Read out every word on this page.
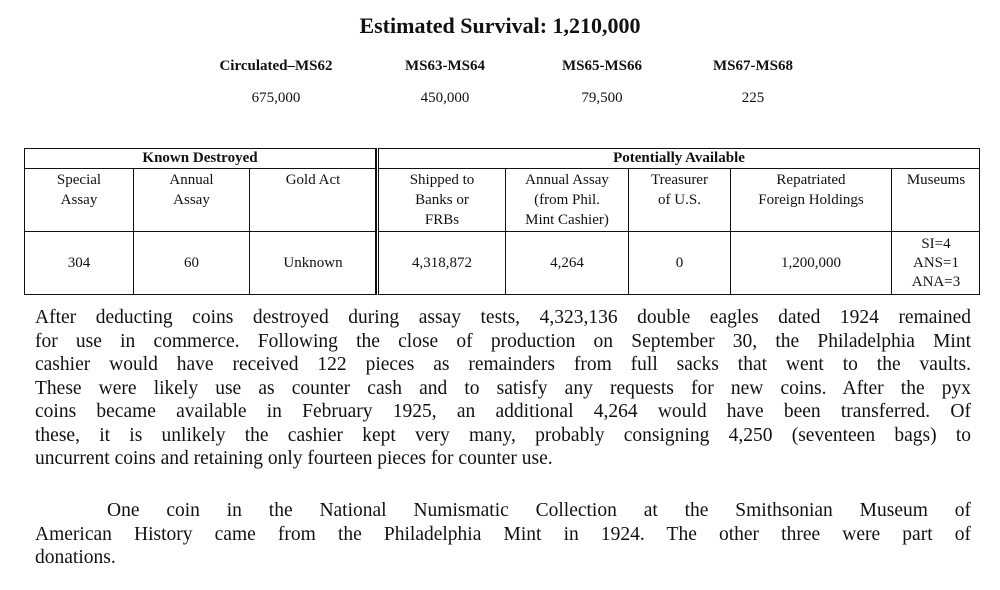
Estimated Survival: 1,210,000
Circulated–MS62
675,000
MS63-MS64
450,000
MS65-MS66
79,500
MS67-MS68
225
Known Destroyed
Special
Assay
304
Annual
Assay
60
Gold Act
Unknown
Potentially Available
Shipped to
Banks or
FRBs
4,318,872
Annual Assay
(from Phil.
Mint Cashier)
4,264
Treasurer
of U.S.
0
Repatriated
Foreign Holdings
1,200,000
Museums
SI=4
ANS=1
ANA=3
After deducting coins destroyed during assay tests, 4,323,136 double eagles dated 1924 remained
for use in commerce. Following the close of production on September 30, the Philadelphia Mint
cashier would have received 122 pieces as remainders from full sacks that went to the vaults.
These were likely use as counter cash and to satisfy any requests for new coins. After the pyx
coins became available in February 1925, an additional 4,264 would have been transferred. Of
these, it is unlikely the cashier kept very many, probably consigning 4,250 (seventeen bags) to
uncurrent coins and retaining only fourteen pieces for counter use.
One coin in the National Numismatic Collection at the Smithsonian Museum of
American History came from the Philadelphia Mint in 1924. The other three were part of
donations.
